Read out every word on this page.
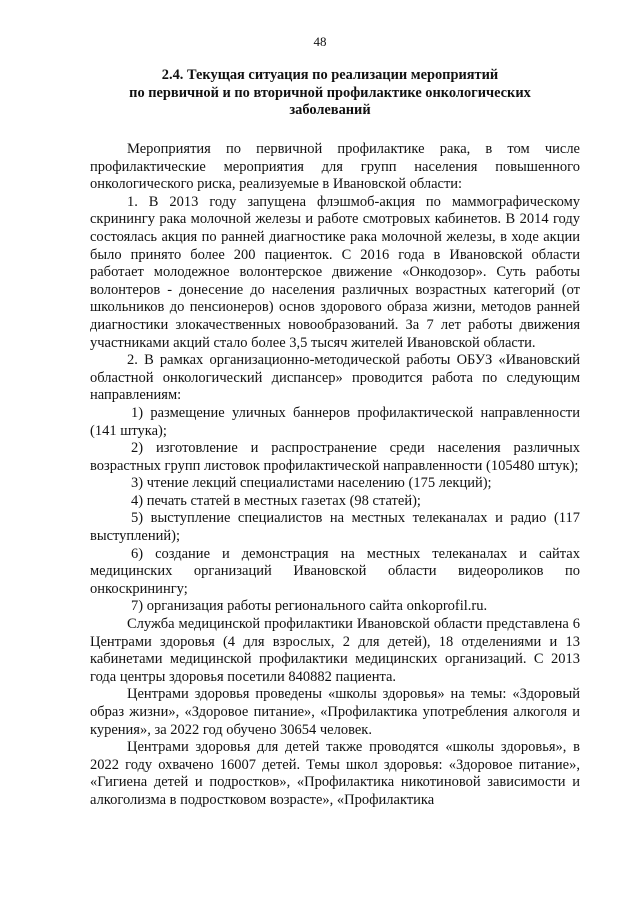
48
2.4. Текущая ситуация по реализации мероприятий
по первичной и по вторичной профилактике онкологических
заболеваний

Мероприятия по первичной профилактике рака, в том числе профилактические мероприятия для групп населения повышенного онкологического риска, реализуемые в Ивановской области:

1. В 2013 году запущена флэшмоб-акция по маммографическому скринингу рака молочной железы и работе смотровых кабинетов. В 2014 году состоялась акция по ранней диагностике рака молочной железы, в ходе акции было принято более 200 пациенток. С 2016 года в Ивановской области работает молодежное волонтерское движение «Онкодозор». Суть работы волонтеров - донесение до населения различных возрастных категорий (от школьников до пенсионеров) основ здорового образа жизни, методов ранней диагностики злокачественных новообразований. За 7 лет работы движения участниками акций стало более 3,5 тысяч жителей Ивановской области.

2. В рамках организационно-методической работы ОБУЗ «Ивановский областной онкологический диспансер» проводится работа по следующим направлениям:

1) размещение уличных баннеров профилактической направленности (141 штука);

2) изготовление и распространение среди населения различных возрастных групп листовок профилактической направленности (105480 штук);

3) чтение лекций специалистами населению (175 лекций);

4) печать статей в местных газетах (98 статей);

5) выступление специалистов на местных телеканалах и радио (117 выступлений);

6) создание и демонстрация на местных телеканалах и сайтах медицинских организаций Ивановской области видеороликов по онкоскринингу;

7) организация работы регионального сайта onkoprofil.ru.

Служба медицинской профилактики Ивановской области представлена 6 Центрами здоровья (4 для взрослых, 2 для детей), 18 отделениями и 13 кабинетами медицинской профилактики медицинских организаций. С 2013 года центры здоровья посетили 840882 пациента.

Центрами здоровья проведены «школы здоровья» на темы: «Здоровый образ жизни», «Здоровое питание», «Профилактика употребления алкоголя и курения», за 2022 год обучено 30654 человек.

Центрами здоровья для детей также проводятся «школы здоровья», в 2022 году охвачено 16007 детей. Темы школ здоровья: «Здоровое питание», «Гигиена детей и подростков», «Профилактика никотиновой зависимости и алкоголизма в подростковом возрасте», «Профилактика
